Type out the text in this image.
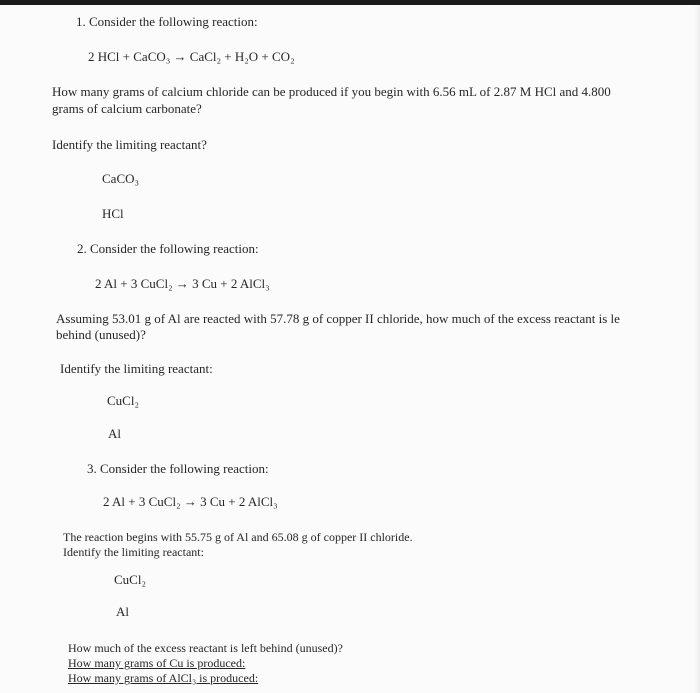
1. Consider the following reaction:
2 HCl + CaCO₃ → CaCl₂ + H₂O + CO₂
How many grams of calcium chloride can be produced if you begin with 6.56 mL of 2.87 M HCl and 4.800
grams of calcium carbonate?
Identify the limiting reactant?
CaCO₃
HCl
2. Consider the following reaction:
2 Al + 3 CuCl₂ → 3 Cu + 2 AlCl₃
Assuming 53.01 g of Al are reacted with 57.78 g of copper II chloride, how much of the excess reactant is le
behind (unused)?
Identify the limiting reactant:
CuCl₂
Al
3. Consider the following reaction:
2 Al + 3 CuCl₂ → 3 Cu + 2 AlCl₃
The reaction begins with 55.75 g of Al and 65.08 g of copper II chloride.
Identify the limiting reactant:
CuCl₂
Al
How much of the excess reactant is left behind (unused)?
How many grams of Cu is produced:
How many grams of AlCl₃ is produced:
